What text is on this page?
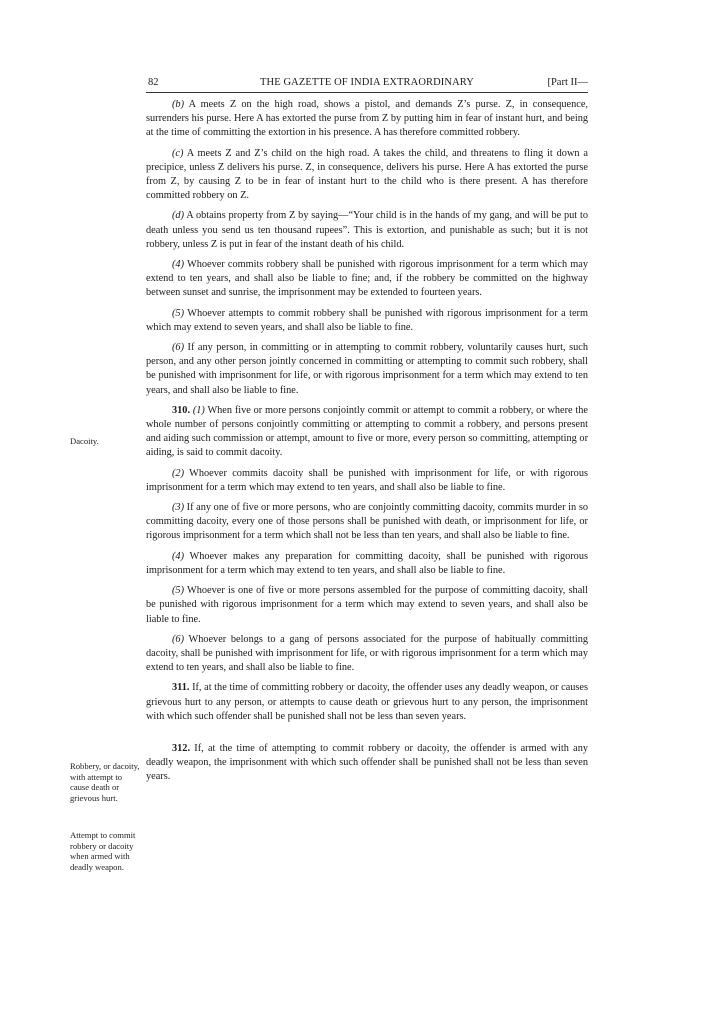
82	THE GAZETTE OF INDIA EXTRAORDINARY	[Part II—

(b) A meets Z on the high road, shows a pistol, and demands Z’s purse. Z, in consequence, surrenders his purse. Here A has extorted the purse from Z by putting him in fear of instant hurt, and being at the time of committing the extortion in his presence. A has therefore committed robbery.

(c) A meets Z and Z’s child on the high road. A takes the child, and threatens to fling it down a precipice, unless Z delivers his purse. Z, in consequence, delivers his purse. Here A has extorted the purse from Z, by causing Z to be in fear of instant hurt to the child who is there present. A has therefore committed robbery on Z.

(d) A obtains property from Z by saying—“Your child is in the hands of my gang, and will be put to death unless you send us ten thousand rupees”. This is extortion, and punishable as such; but it is not robbery, unless Z is put in fear of the instant death of his child.

(4) Whoever commits robbery shall be punished with rigorous imprisonment for a term which may extend to ten years, and shall also be liable to fine; and, if the robbery be committed on the highway between sunset and sunrise, the imprisonment may be extended to fourteen years.

(5) Whoever attempts to commit robbery shall be punished with rigorous imprisonment for a term which may extend to seven years, and shall also be liable to fine.

(6) If any person, in committing or in attempting to commit robbery, voluntarily causes hurt, such person, and any other person jointly concerned in committing or attempting to commit such robbery, shall be punished with imprisonment for life, or with rigorous imprisonment for a term which may extend to ten years, and shall also be liable to fine.

310. (1) When five or more persons conjointly commit or attempt to commit a robbery, or where the whole number of persons conjointly committing or attempting to commit a robbery, and persons present and aiding such commission or attempt, amount to five or more, every person so committing, attempting or aiding, is said to commit dacoity.

(2) Whoever commits dacoity shall be punished with imprisonment for life, or with rigorous imprisonment for a term which may extend to ten years, and shall also be liable to fine.

(3) If any one of five or more persons, who are conjointly committing dacoity, commits murder in so committing dacoity, every one of those persons shall be punished with death, or imprisonment for life, or rigorous imprisonment for a term which shall not be less than ten years, and shall also be liable to fine.

(4) Whoever makes any preparation for committing dacoity, shall be punished with rigorous imprisonment for a term which may extend to ten years, and shall also be liable to fine.

(5) Whoever is one of five or more persons assembled for the purpose of committing dacoity, shall be punished with rigorous imprisonment for a term which may extend to seven years, and shall also be liable to fine.

(6) Whoever belongs to a gang of persons associated for the purpose of habitually committing dacoity, shall be punished with imprisonment for life, or with rigorous imprisonment for a term which may extend to ten years, and shall also be liable to fine.

311. If, at the time of committing robbery or dacoity, the offender uses any deadly weapon, or causes grievous hurt to any person, or attempts to cause death or grievous hurt to any person, the imprisonment with which such offender shall be punished shall not be less than seven years.

312. If, at the time of attempting to commit robbery or dacoity, the offender is armed with any deadly weapon, the imprisonment with which such offender shall be punished shall not be less than seven years.

Dacoity.
Robbery, or dacoity, with attempt to cause death or grievous hurt.
Attempt to commit robbery or dacoity when armed with deadly weapon.
